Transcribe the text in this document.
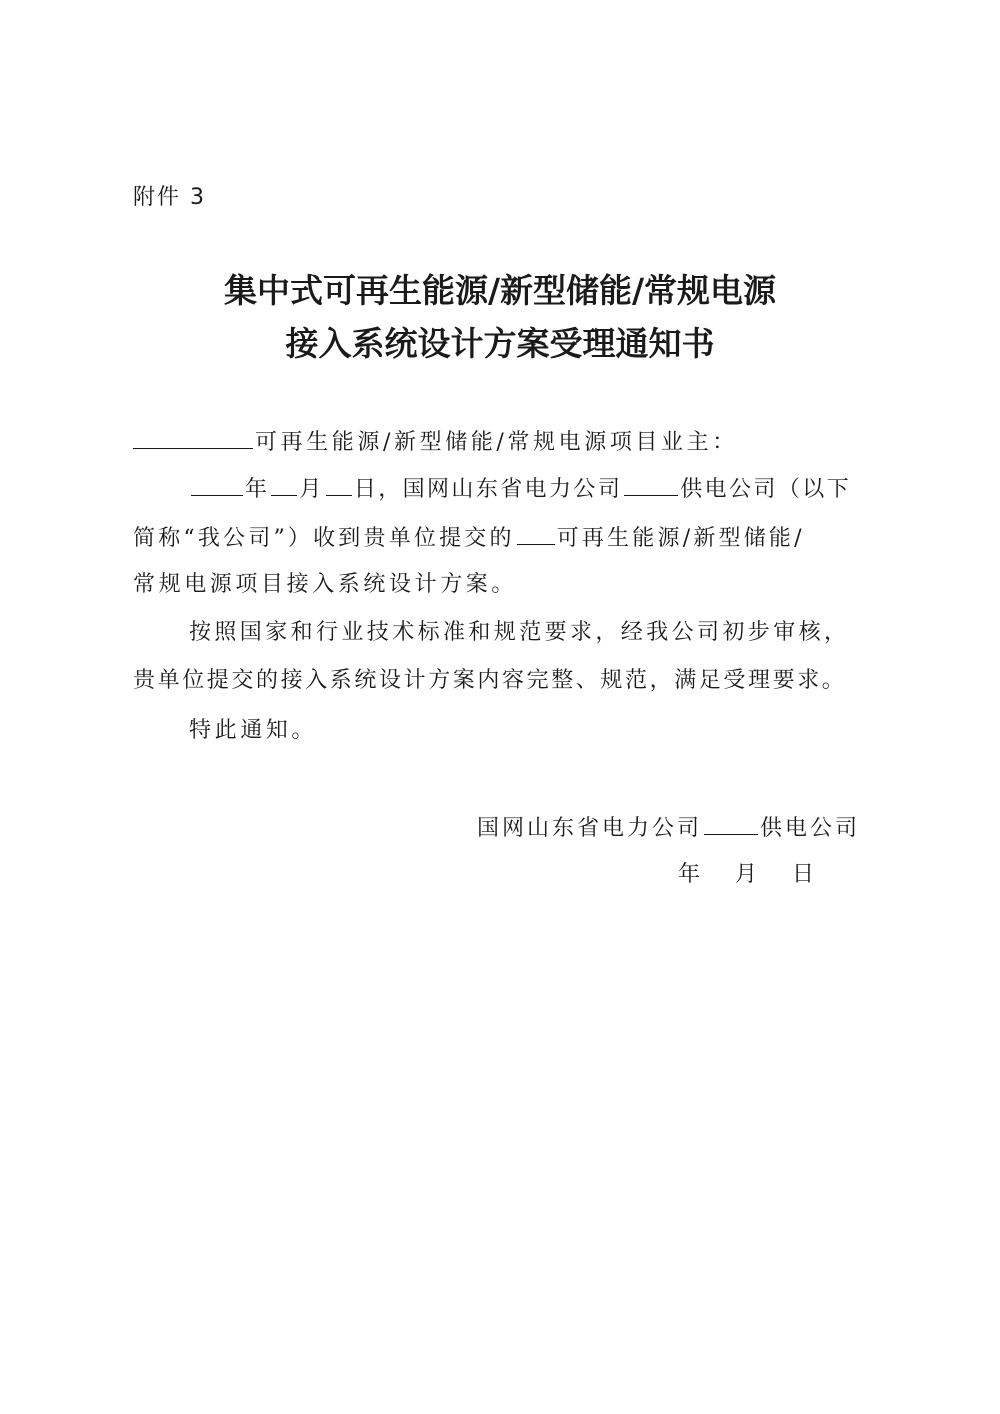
附件 3
集中式可再生能源/新型储能/常规电源
接入系统设计方案受理通知书
可再生能源/新型储能/常规电源项目业主：
年 月 日，国网山东省电力公司	供电公司（以下
简称“我公司”）收到贵单位提交的 可再生能源/新型储能/
常规电源项目接入系统设计方案。
按照国家和行业技术标准和规范要求，经我公司初步审核，
贵单位提交的接入系统设计方案内容完整、规范，满足受理要求。
特此通知。
国网山东省电力公司	供电公司
年 月 日
